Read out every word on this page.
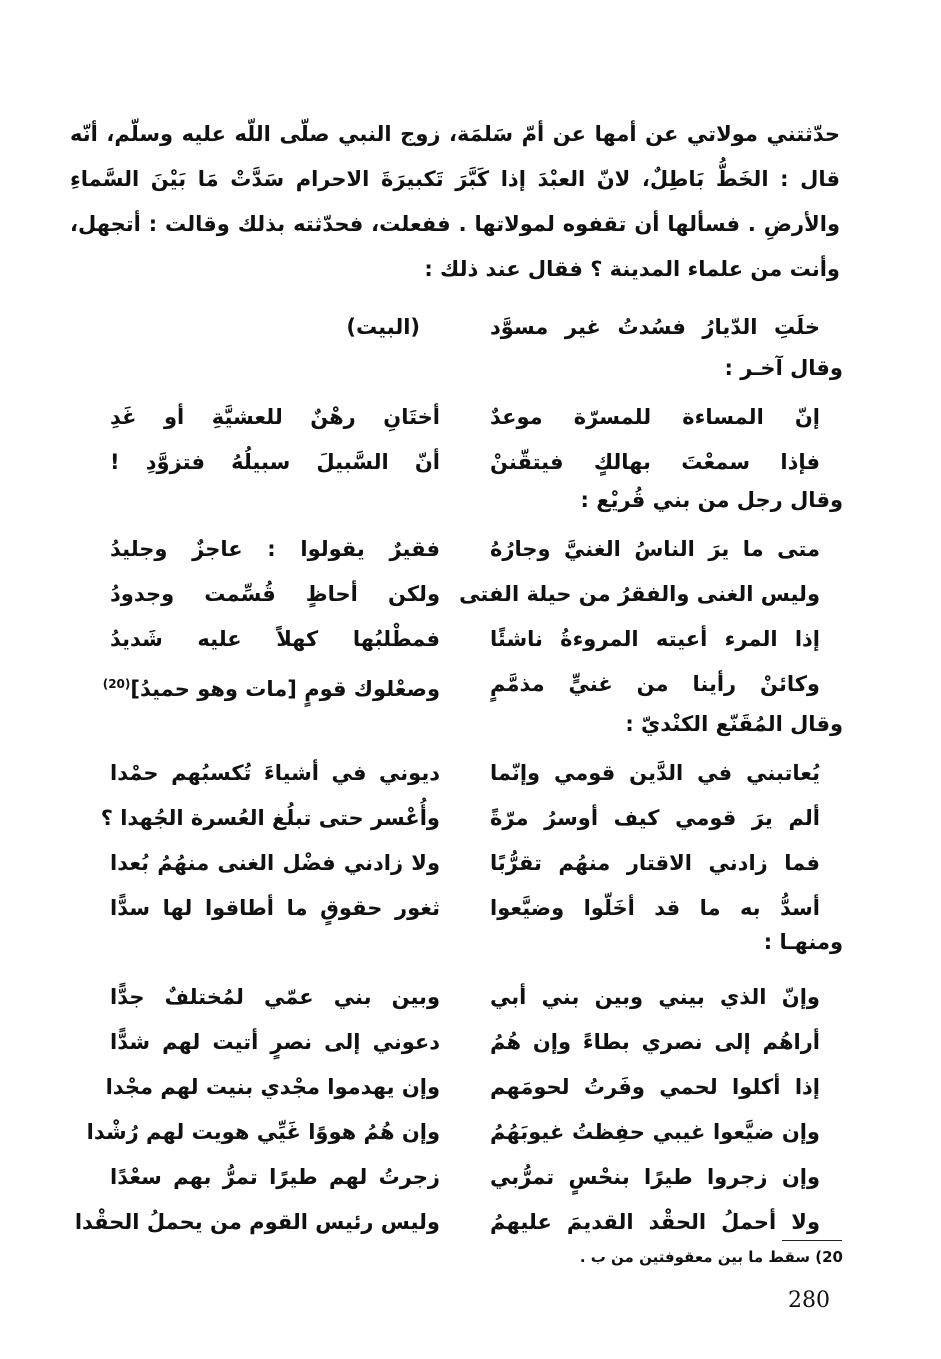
حدّثتني مولاتي عن أمها عن أمّ سَلمَة، زوج النبي صلّى اللّه عليه وسلّم، أنّه قال : الخَطُّ بَاطِلٌ، لانّ العبْدَ إذا كَبَّرَ تَكبيرَةَ الاحرام سَدَّتْ مَا بَيْنَ السَّماءِ والأرضِ . فسألها أن تقفوه لمولاتها . ففعلت، فحدّثته بذلك وقالت : أتجهل، وأنت من علماء المدينة ؟ فقال عند ذلك :

خلَتِ الدّيارُ فسُدتُ غير مسوَّد
(البيت)
وقال آخـر :
إنّ المساءة للمسرّة موعدٌ
أختَانِ رهْنٌ للعشيَّةِ أو غَدِ
فإذا سمعْتَ بهالكٍ فيتقّننْ
أنّ السَّبيلَ سبيلُهُ فتزوَّدِ !
وقال رجل من بني قُريْع :
متى ما يرَ الناسُ الغنيَّ وجارُهُ
فقيرٌ يقولوا : عاجزٌ وجليدُ
وليس الغنى والفقرُ من حيلة الفتى
ولكن أحاظٍ قُسِّمت وجدودُ
إذا المرء أعيته المروءةُ ناشئًا
فمطْلبُها كهلاً عليه شَديدُ
وكائنْ رأينا من غنيٍّ مذمَّمٍ
وصعْلوك قومٍ [مات وهو حميدُ]$^{(20)}$
وقال المُقَنّع الكنْديّ :
يُعاتبني في الدَّين قومي وإنّما
ديوني في أشياءَ تُكسبُهم حمْدا
ألم يرَ قومي كيف أوسرُ مرّةً
وأُعْسر حتى تبلُغ العُسرة الجُهدا ؟
فما زادني الاقتار منهُم تقرُّبًا
ولا زادني فضْل الغنى منهُمُ بُعدا
أسدُّ به ما قد أخَلّوا وضيَّعوا
ثغور حقوقٍ ما أطاقوا لها سدًّا
ومنهـا :
وإنّ الذي بيني وبين بني أبي
وبين بني عمّي لمُختلفٌ جدًّا
أراهُم إلى نصري بطاءً وإن هُمُ
دعوني إلى نصرٍ أتيت لهم شدًّا
إذا أكلوا لحمي وفَرتُ لحومَهم
وإن يهدموا مجْدي بنيت لهم مجْدا
وإن ضيَّعوا غيبي حفِظتُ غيوبَهُمُ
وإن هُمُ هووًا غَيِّي هويت لهم رُشْدا
وإن زجروا طيرًا بنحْسٍ تمرُّبي
زجرتُ لهم طيرًا تمرُّ بهم سعْدًا
ولا أحملُ الحقْد القديمَ عليهمُ
وليس رئيس القوم من يحملُ الحقْدا
20) سقط ما بين معقوفتين من ب .
280
